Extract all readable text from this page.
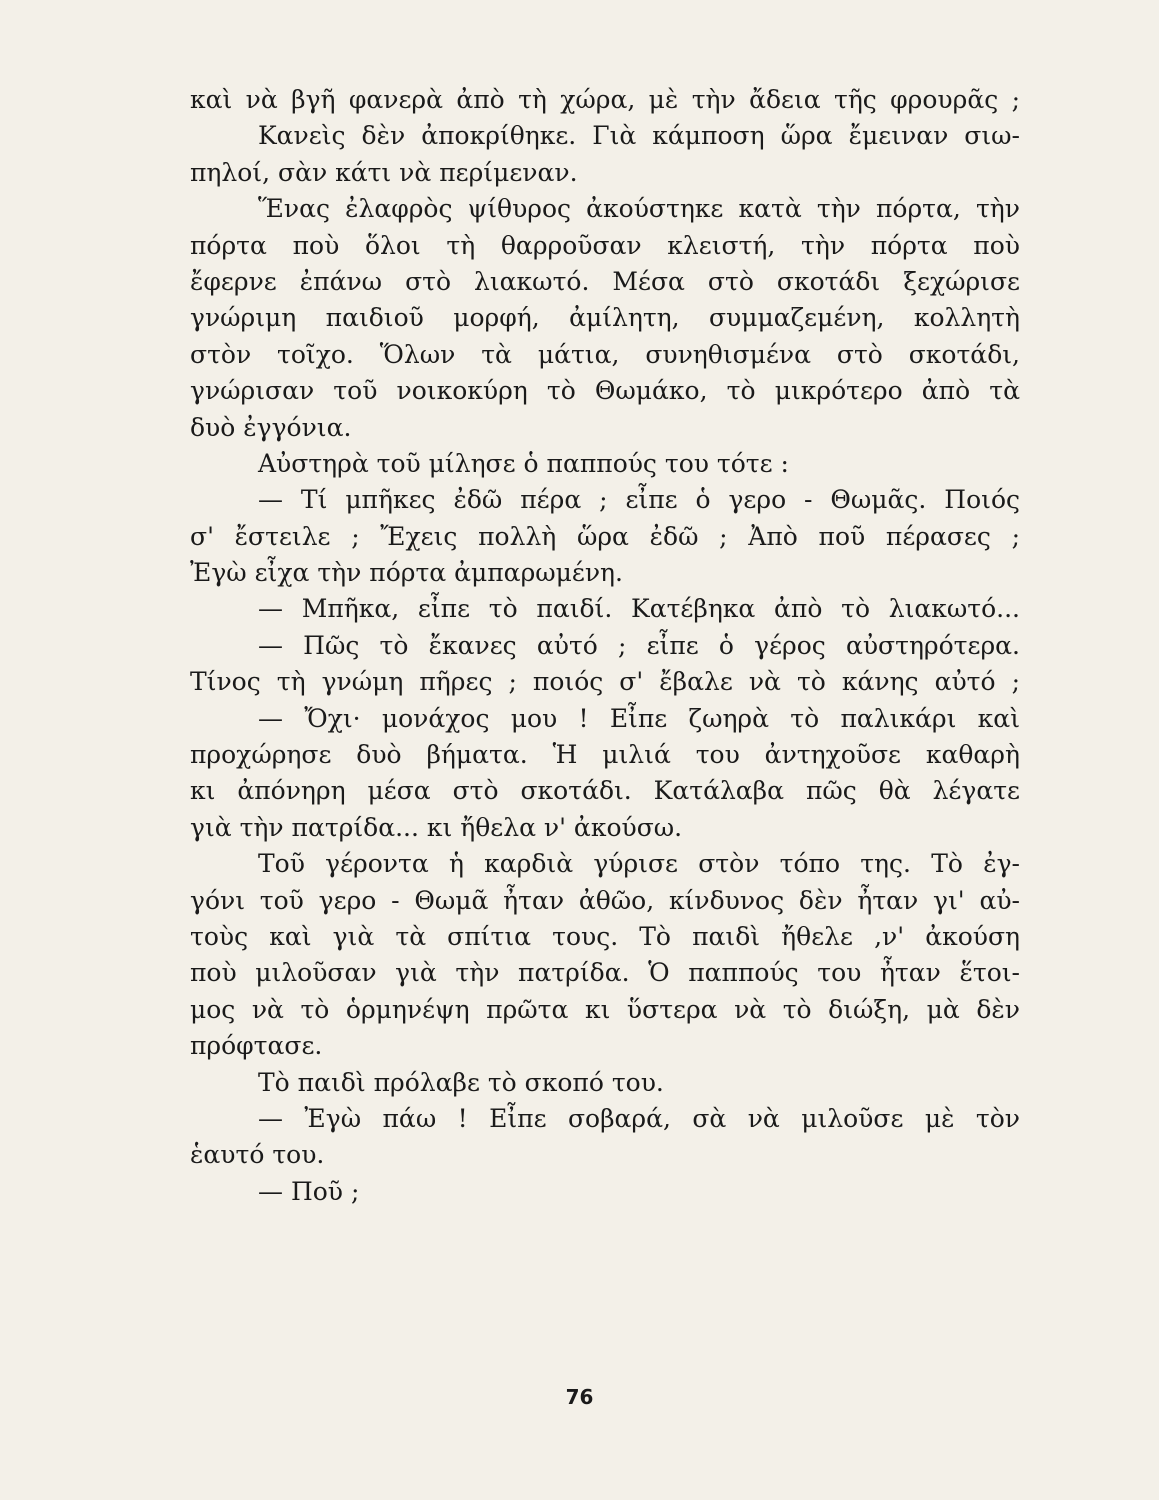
καὶ νὰ βγῆ φανερὰ ἀπὸ τὴ χώρα, μὲ τὴν ἄδεια τῆς φρουρᾶς ;
Κανεὶς δὲν ἀποκρίθηκε. Γιὰ κάμποση ὥρα ἔμειναν σιω-
πηλοί, σὰν κάτι νὰ περίμεναν.
Ἕνας ἐλαφρὸς ψίθυρος ἀκούστηκε κατὰ τὴν πόρτα, τὴν
πόρτα ποὺ ὅλοι τὴ θαρροῦσαν κλειστή, τὴν πόρτα ποὺ
ἔφερνε ἐπάνω στὸ λιακωτό. Μέσα στὸ σκοτάδι ξεχώρισε
γνώριμη παιδιοῦ μορφή, ἀμίλητη, συμμαζεμένη, κολλητὴ
στὸν τοῖχο. Ὅλων τὰ μάτια, συνηθισμένα στὸ σκοτάδι,
γνώρισαν τοῦ νοικοκύρη τὸ Θωμάκο, τὸ μικρότερο ἀπὸ τὰ
δυὸ ἐγγόνια.
Αὐστηρὰ τοῦ μίλησε ὁ παππούς του τότε :
— Τί μπῆκες ἐδῶ πέρα ; εἶπε ὁ γερο - Θωμᾶς. Ποιός
σ' ἔστειλε ; Ἔχεις πολλὴ ὥρα ἐδῶ ; Ἀπὸ ποῦ πέρασες ;
Ἐγὼ εἶχα τὴν πόρτα ἀμπαρωμένη.
— Μπῆκα, εἶπε τὸ παιδί. Κατέβηκα ἀπὸ τὸ λιακωτό...
— Πῶς τὸ ἔκανες αὐτό ; εἶπε ὁ γέρος αὐστηρότερα.
Τίνος τὴ γνώμη πῆρες ; ποιός σ' ἔβαλε νὰ τὸ κάνης αὐτό ;
— Ὄχι· μονάχος μου ! Εἶπε ζωηρὰ τὸ παλικάρι καὶ
προχώρησε δυὸ βήματα. Ἡ μιλιά του ἀντηχοῦσε καθαρὴ
κι ἀπόνηρη μέσα στὸ σκοτάδι. Κατάλαβα πῶς θὰ λέγατε
γιὰ τὴν πατρίδα... κι ἤθελα ν' ἀκούσω.
Τοῦ γέροντα ἡ καρδιὰ γύρισε στὸν τόπο της. Τὸ ἐγ-
γόνι τοῦ γερο - Θωμᾶ ἦταν ἀθῶο, κίνδυνος δὲν ἦταν γι' αὐ-
τοὺς καὶ γιὰ τὰ σπίτια τους. Τὸ παιδὶ ἤθελε ,ν' ἀκούση
ποὺ μιλοῦσαν γιὰ τὴν πατρίδα. Ὁ παππούς του ἦταν ἕτοι-
μος νὰ τὸ ὁρμηνέψη πρῶτα κι ὕστερα νὰ τὸ διώξη, μὰ δὲν
πρόφτασε.
Τὸ παιδὶ πρόλαβε τὸ σκοπό του.
— Ἐγὼ πάω ! Εἶπε σοβαρά, σὰ νὰ μιλοῦσε μὲ τὸν
ἑαυτό του.
— Ποῦ ;
76
